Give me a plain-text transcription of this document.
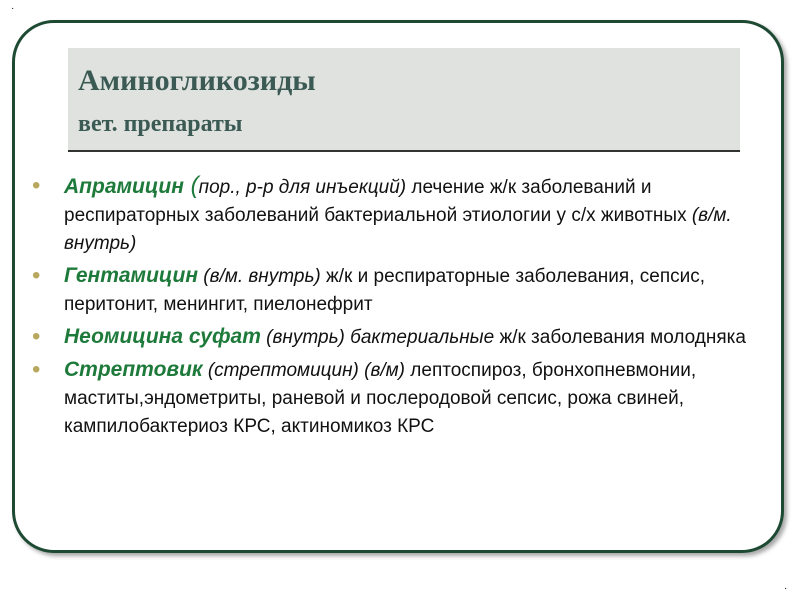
·
Аминогликозиды
вет. препараты
• Апрамицин (пор., р-р для инъекций) лечение ж/к заболеваний и респираторных заболеваний бактериальной этиологии у с/х животных (в/м. внутрь)
• Гентамицин (в/м. внутрь) ж/к и респираторные заболевания, сепсис, перитонит, менингит, пиелонефрит
• Неомицина суфат (внутрь) бактериальные ж/к заболевания молодняка
• Стрептовик (стрептомицин) (в/м) лептоспироз, бронхопневмонии, маститы,эндометриты, раневой и послеродовой сепсис, рожа свиней, кампилобактериоз КРС, актиномикоз КРС
·
